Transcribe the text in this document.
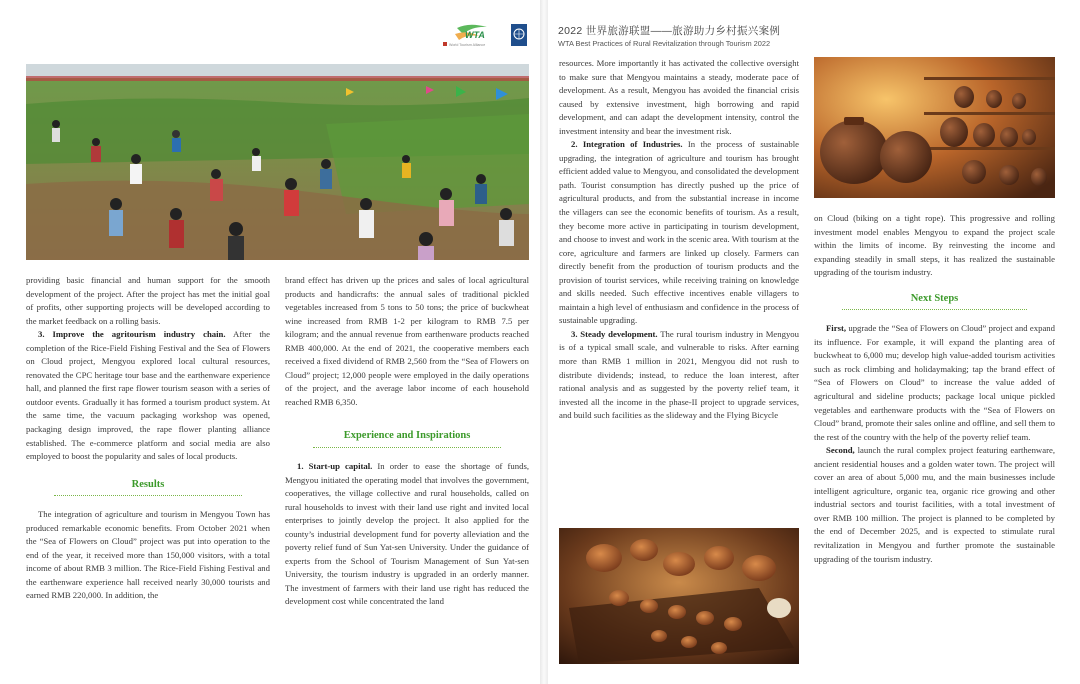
WTA
World Tourism Alliance
2022 世界旅游联盟——旅游助力乡村振兴案例
WTA Best Practices of Rural Revitalization through Tourism 2022

providing basic financial and human support for the smooth development of the project. After the project has met the initial goal of profits, other supporting projects will be developed according to the market feedback on a rolling basis.

3. Improve the agritourism industry chain. After the completion of the Rice-Field Fishing Festival and the Sea of Flowers on Cloud project, Mengyou explored local cultural resources, renovated the CPC heritage tour base and the earthenware experience hall, and planned the first rape flower tourism season with a series of outdoor events. Gradually it has formed a tourism product system. At the same time, the vacuum packaging workshop was opened, packaging design improved, the rape flower planting alliance established. The e-commerce platform and social media are also employed to boost the popularity and sales of local products.

Results

The integration of agriculture and tourism in Mengyou Town has produced remarkable economic benefits. From October 2021 when the “Sea of Flowers on Cloud” project was put into operation to the end of the year, it received more than 150,000 visitors, with a total income of about RMB 3 million. The Rice-Field Fishing Festival and the earthenware experience hall received nearly 30,000 tourists and earned RMB 220,000. In addition, the

brand effect has driven up the prices and sales of local agricultural products and handicrafts: the annual sales of traditional pickled vegetables increased from 5 tons to 50 tons; the price of buckwheat wine increased from RMB 1-2 per kilogram to RMB 7.5 per kilogram; and the annual revenue from earthenware products reached RMB 400,000. At the end of 2021, the cooperative members each received a fixed dividend of RMB 2,560 from the “Sea of Flowers on Cloud” project; 12,000 people were employed in the daily operations of the project, and the average labor income of each household reached RMB 6,350.

Experience and Inspirations

1. Start-up capital. In order to ease the shortage of funds, Mengyou initiated the operating model that involves the government, cooperatives, the village collective and rural households, called on rural households to invest with their land use right and invited local enterprises to jointly develop the project. It also applied for the county’s industrial development fund for poverty alleviation and the poverty relief fund of Sun Yat-sen University. Under the guidance of experts from the School of Tourism Management of Sun Yat-sen University, the tourism industry is upgraded in an orderly manner. The investment of farmers with their land use right has reduced the development cost while concentrated the land

resources. More importantly it has activated the collective oversight to make sure that Mengyou maintains a steady, moderate pace of development. As a result, Mengyou has avoided the financial crisis caused by extensive investment, high borrowing and rapid development, and can adapt the development intensity, control the investment intensity and bear the investment risk.

2. Integration of Industries. In the process of sustainable upgrading, the integration of agriculture and tourism has brought efficient added value to Mengyou, and consolidated the development path. Tourist consumption has directly pushed up the price of agricultural products, and from the substantial increase in income the villagers can see the economic benefits of tourism. As a result, they become more active in participating in tourism development, and choose to invest and work in the scenic area. With tourism at the core, agriculture and farmers are linked up closely. Farmers can directly benefit from the production of tourism products and the provision of tourist services, while receiving training on knowledge and skills needed. Such effective incentives enable villagers to maintain a high level of enthusiasm and confidence in the process of sustainable upgrading.

3. Steady development. The rural tourism industry in Mengyou is of a typical small scale, and vulnerable to risks. After earning more than RMB 1 million in 2021, Mengyou did not rush to distribute dividends; instead, to reduce the loan interest, after rational analysis and as suggested by the poverty relief team, it invested all the income in the phase-II project to upgrade services, and build such facilities as the slideway and the Flying Bicycle

on Cloud (biking on a tight rope). This progressive and rolling investment model enables Mengyou to expand the project scale within the limits of income. By reinvesting the income and expanding steadily in small steps, it has realized the sustainable upgrading of the tourism industry.

Next Steps

First, upgrade the “Sea of Flowers on Cloud” project and expand its influence. For example, it will expand the planting area of buckwheat to 6,000 mu; develop high value-added tourism activities such as rock climbing and holidaymaking; tap the brand effect of “Sea of Flowers on Cloud” to increase the value added of agricultural and sideline products; package local unique pickled vegetables and earthenware products with the “Sea of Flowers on Cloud” brand, promote their sales online and offline, and sell them to the rest of the country with the help of the poverty relief team.

Second, launch the rural complex project featuring earthenware, ancient residential houses and a golden water town. The project will cover an area of about 5,000 mu, and the main businesses include intelligent agriculture, organic tea, organic rice growing and other industrial sectors and tourist facilities, with a total investment of over RMB 100 million. The project is planned to be completed by the end of December 2025, and is expected to stimulate rural revitalization in Mengyou and further promote the sustainable upgrading of the tourism industry.
